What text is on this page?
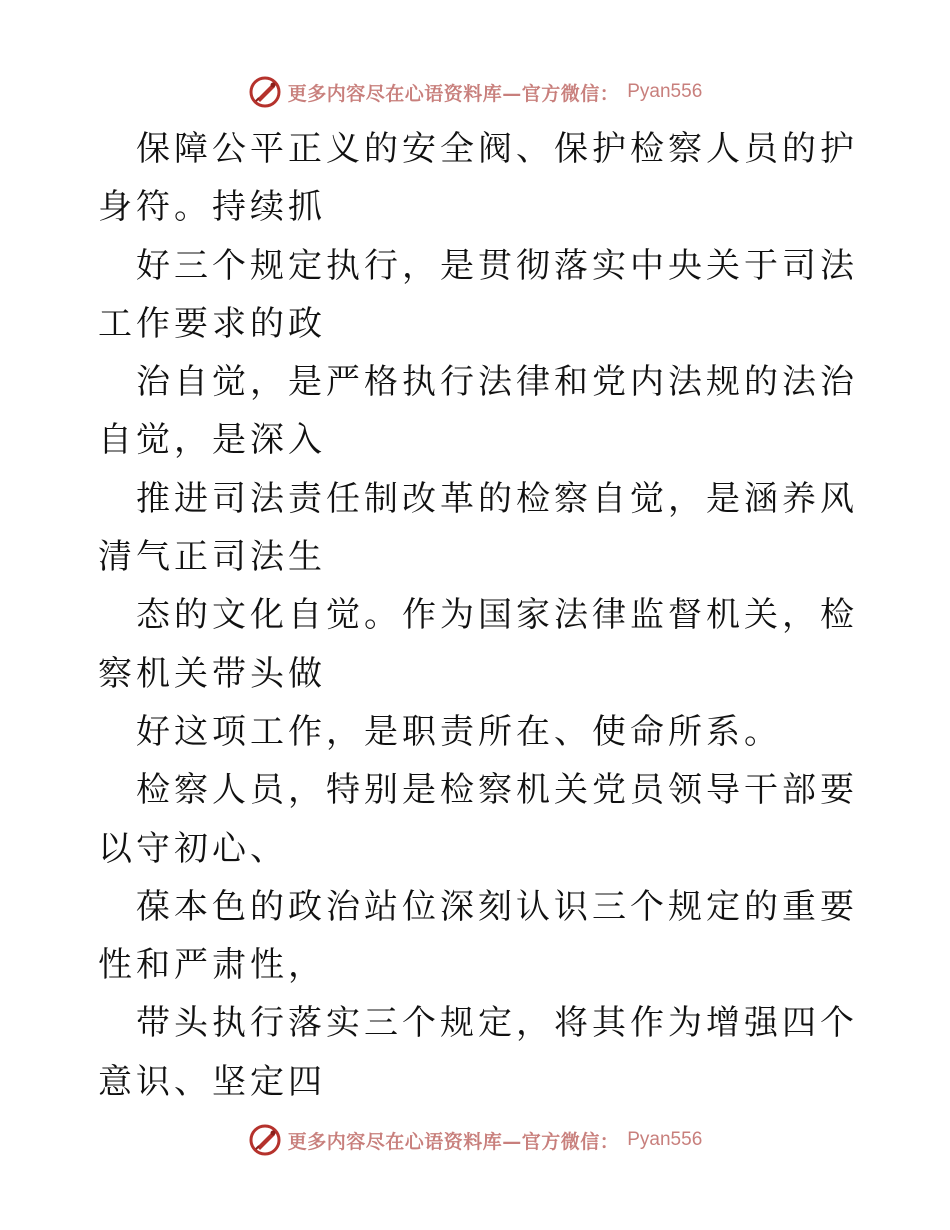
更多内容尽在心语资料库—官方微信： Pyan556

保障公平正义的安全阀、保护检察人员的护身符。持续抓

好三个规定执行，是贯彻落实中央关于司法工作要求的政

治自觉，是严格执行法律和党内法规的法治自觉，是深入

推进司法责任制改革的检察自觉，是涵养风清气正司法生

态的文化自觉。作为国家法律监督机关，检察机关带头做

好这项工作，是职责所在、使命所系。

检察人员，特别是检察机关党员领导干部要以守初心、

葆本色的政治站位深刻认识三个规定的重要性和严肃性，

带头执行落实三个规定，将其作为增强四个意识、坚定四

更多内容尽在心语资料库—官方微信： Pyan556
